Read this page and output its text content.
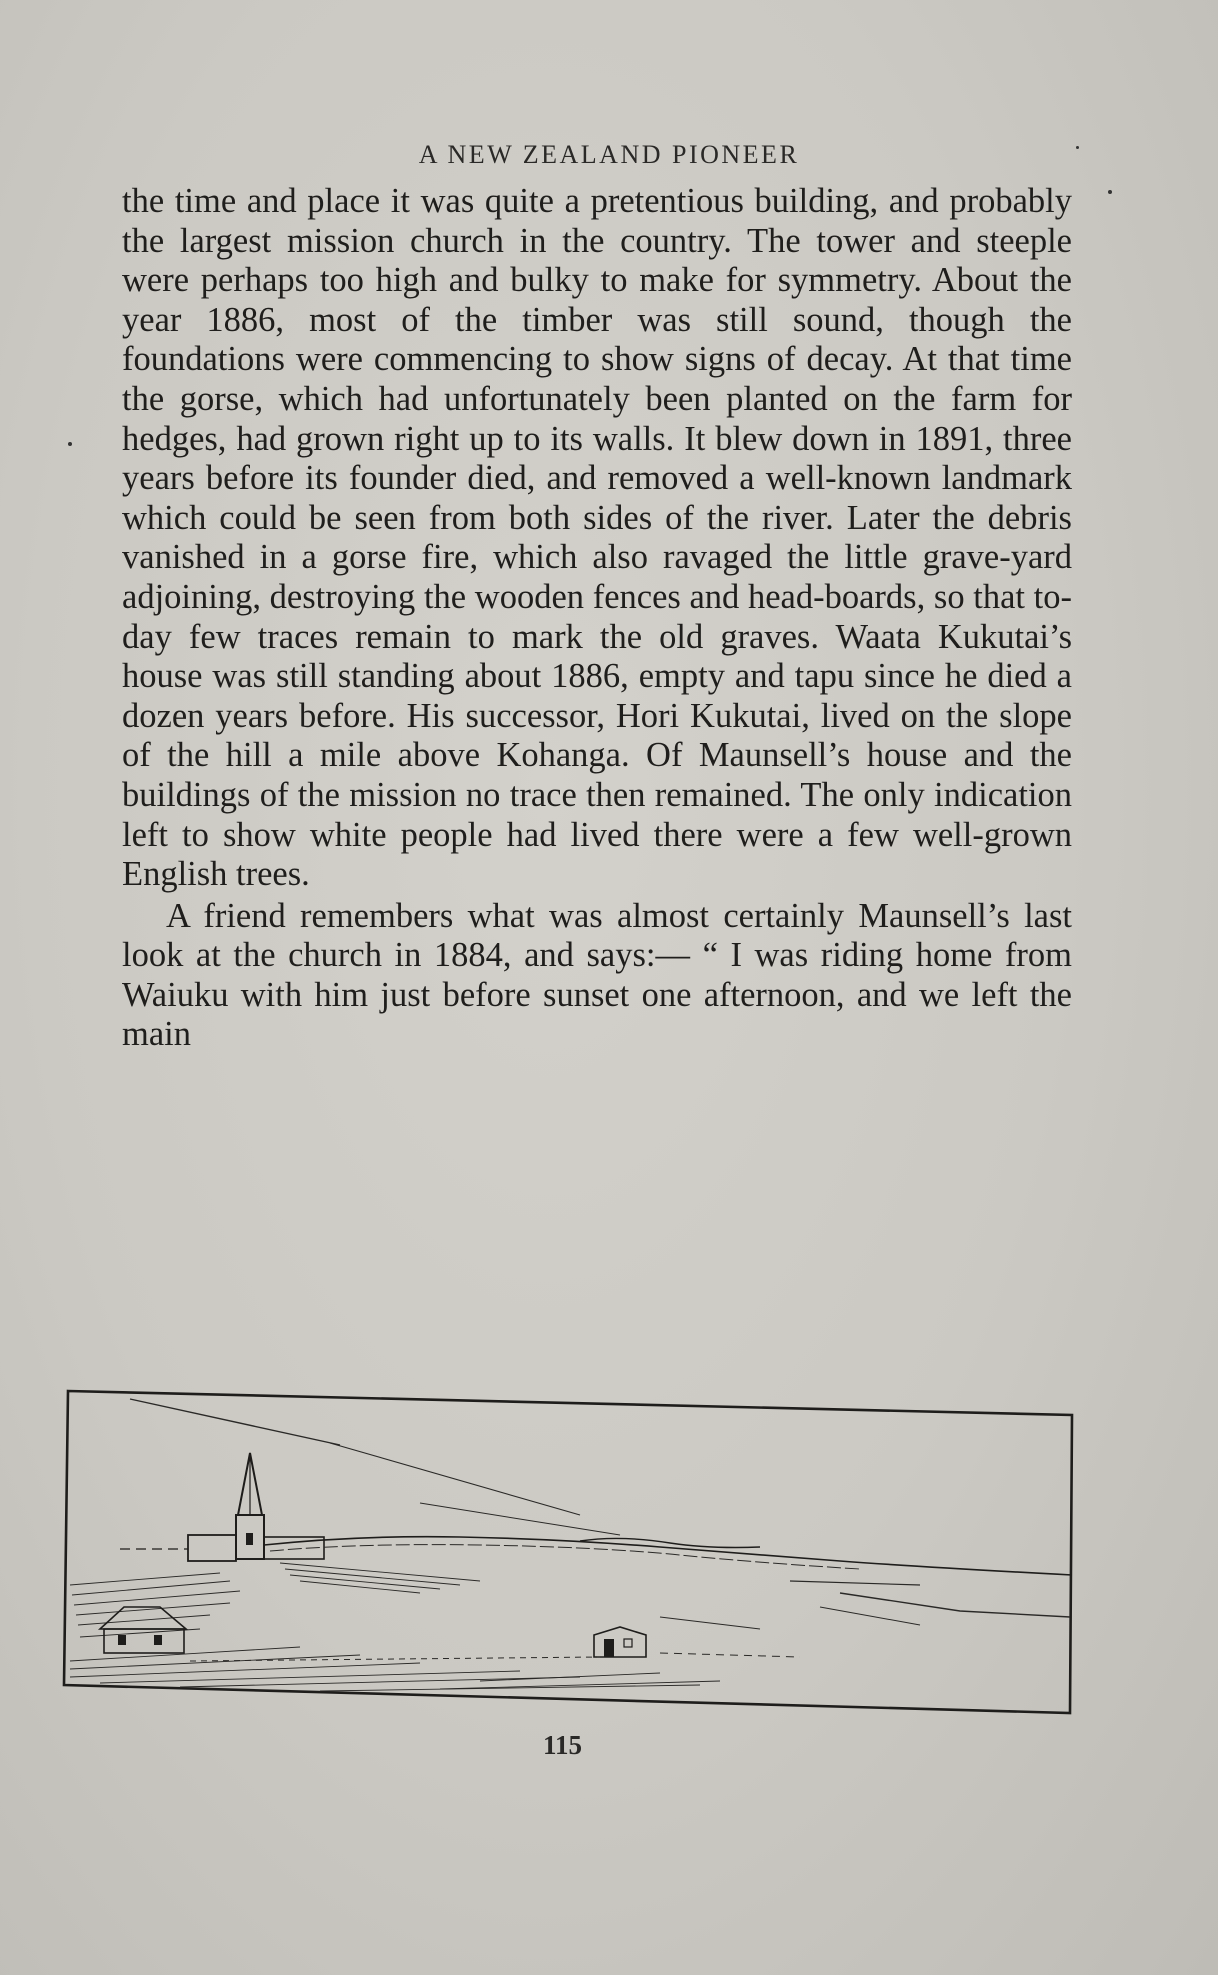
A NEW ZEALAND PIONEER

the time and place it was quite a pretentious building, and probably the largest mission church in the country. The tower and steeple were perhaps too high and bulky to make for symmetry. About the year 1886, most of the timber was still sound, though the foundations were commencing to show signs of decay. At that time the gorse, which had unfortunately been planted on the farm for hedges, had grown right up to its walls. It blew down in 1891, three years before its founder died, and removed a well-known landmark which could be seen from both sides of the river. Later the debris vanished in a gorse fire, which also ravaged the little grave-yard adjoining, destroying the wooden fences and head-boards, so that to-day few traces remain to mark the old graves. Waata Kukutai’s house was still standing about 1886, empty and tapu since he died a dozen years before. His successor, Hori Kukutai, lived on the slope of the hill a mile above Kohanga. Of Maunsell’s house and the buildings of the mission no trace then remained. The only indication left to show white people had lived there were a few well-grown English trees.

A friend remembers what was almost certainly Maunsell’s last look at the church in 1884, and says:— “ I was riding home from Waiuku with him just before sunset one afternoon, and we left the main

115
